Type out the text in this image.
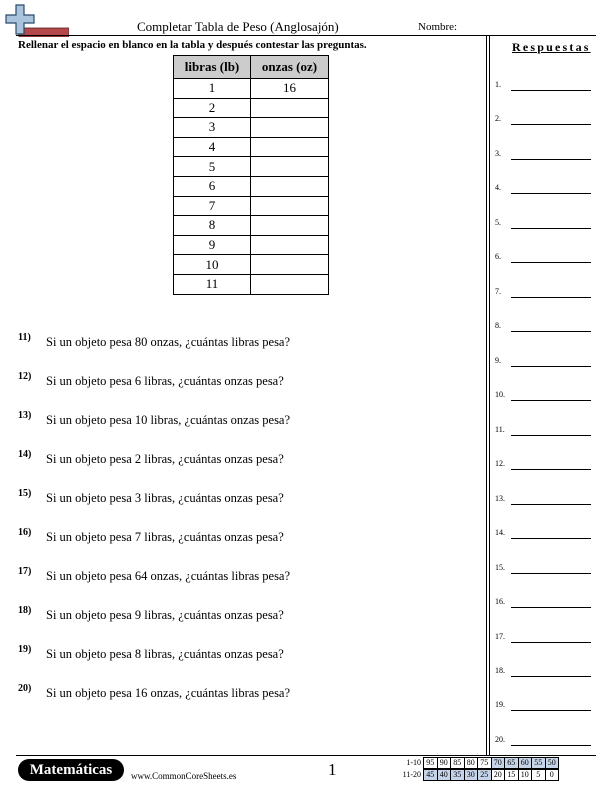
Completar Tabla de Peso (Anglosajón)	Nombre:
Rellenar el espacio en blanco en la tabla y después contestar las preguntas.
libras (lb)	onzas (oz)
1	16
2	
3	
4	
5	
6	
7	
8	
9	
10	
11	
11) Si un objeto pesa 80 onzas, ¿cuántas libras pesa?
12) Si un objeto pesa 6 libras, ¿cuántas onzas pesa?
13) Si un objeto pesa 10 libras, ¿cuántas onzas pesa?
14) Si un objeto pesa 2 libras, ¿cuántas onzas pesa?
15) Si un objeto pesa 3 libras, ¿cuántas onzas pesa?
16) Si un objeto pesa 7 libras, ¿cuántas onzas pesa?
17) Si un objeto pesa 64 onzas, ¿cuántas libras pesa?
18) Si un objeto pesa 9 libras, ¿cuántas onzas pesa?
19) Si un objeto pesa 8 libras, ¿cuántas onzas pesa?
20) Si un objeto pesa 16 onzas, ¿cuántas libras pesa?
Respuestas
1.
2.
3.
4.
5.
6.
7.
8.
9.
10.
11.
12.
13.
14.
15.
16.
17.
18.
19.
20.
Matemáticas	www.CommonCoreSheets.es	1	1-10	95	90	85	80	75	70	65	60	55	50
11-20	45	40	35	30	25	20	15	10	5	0
